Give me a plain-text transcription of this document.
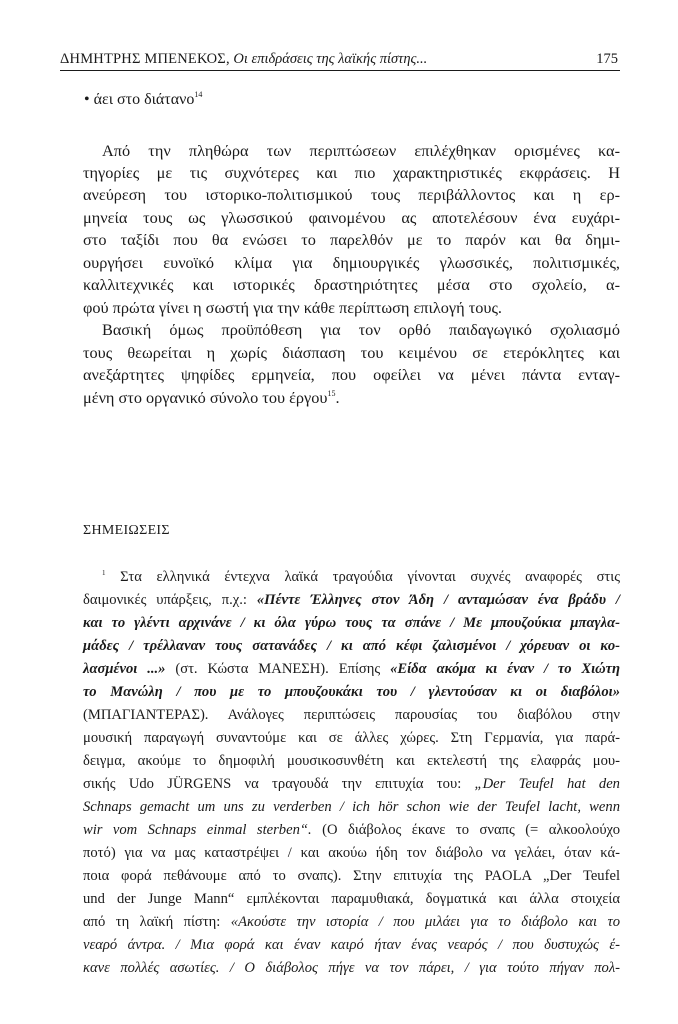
ΔΗΜΗΤΡΗΣ ΜΠΕΝΕΚΟΣ, Οι επιδράσεις της λαϊκής πίστης...	175
• άει στο διάτανο$^{14}$
Από την πληθώρα των περιπτώσεων επιλέχθηκαν ορισμένες κα-
τηγορίες με τις συχνότερες και πιο χαρακτηριστικές εκφράσεις. Η
ανεύρεση του ιστορικο-πολιτισμικού τους περιβάλλοντος και η ερ-
μηνεία τους ως γλωσσικού φαινομένου ας αποτελέσουν ένα ευχάρι-
στο ταξίδι που θα ενώσει το παρελθόν με το παρόν και θα δημι-
ουργήσει ευνοϊκό κλίμα για δημιουργικές γλωσσικές, πολιτισμικές,
καλλιτεχνικές και ιστορικές δραστηριότητες μέσα στο σχολείο, α-
φού πρώτα γίνει η σωστή για την κάθε περίπτωση επιλογή τους.
Βασική όμως προϋπόθεση για τον ορθό παιδαγωγικό σχολιασμό
τους θεωρείται η χωρίς διάσπαση του κειμένου σε ετερόκλητες και
ανεξάρτητες ψηφίδες ερμηνεία, που οφείλει να μένει πάντα ενταγ-
μένη στο οργανικό σύνολο του έργου$^{15}$.
ΣΗΜΕΙΩΣΕΙΣ
$^1$ Στα ελληνικά έντεχνα λαϊκά τραγούδια γίνονται συχνές αναφορές στις
δαιμονικές υπάρξεις, π.χ.: «Πέντε Έλληνες στον Άδη / ανταμώσαν ένα βράδυ /
και το γλέντι αρχινάνε / κι όλα γύρω τους τα σπάνε / Με μπουζούκια μπαγλα-
μάδες / τρέλλαναν τους σατανάδες / κι από κέφι ζαλισμένοι / χόρευαν οι κο-
λασμένοι ...» (στ. Κώστα ΜΑΝΕΣΗ). Επίσης «Είδα ακόμα κι έναν / το Χιώτη
το Μανώλη / που με το μπουζουκάκι του / γλεντούσαν κι οι διαβόλοι»
(ΜΠΑΓΙΑΝΤΕΡΑΣ). Ανάλογες περιπτώσεις παρουσίας του διαβόλου στην
μουσική παραγωγή συναντούμε και σε άλλες χώρες. Στη Γερμανία, για παρά-
δειγμα, ακούμε το δημοφιλή μουσικοσυνθέτη και εκτελεστή της ελαφράς μου-
σικής Udo JÜRGENS να τραγουδά την επιτυχία του: „Der Teufel hat den
Schnaps gemacht um uns zu verderben / ich hör schon wie der Teufel lacht, wenn
wir vom Schnaps einmal sterben“. (Ο διάβολος έκανε το σναπς (= αλκοολούχο
ποτό) για να μας καταστρέψει / και ακούω ήδη τον διάβολο να γελάει, όταν κά-
ποια φορά πεθάνουμε από το σναπς). Στην επιτυχία της PAOLA „Der Teufel
und der Junge Mann“ εμπλέκονται παραμυθιακά, δογματικά και άλλα στοιχεία
από τη λαϊκή πίστη: «Ακούστε την ιστορία / που μιλάει για το διάβολο και το
νεαρό άντρα. / Μια φορά και έναν καιρό ήταν ένας νεαρός / που δυστυχώς έ-
κανε πολλές ασωτίες. / Ο διάβολος πήγε να τον πάρει, / για τούτο πήγαν πολ-
